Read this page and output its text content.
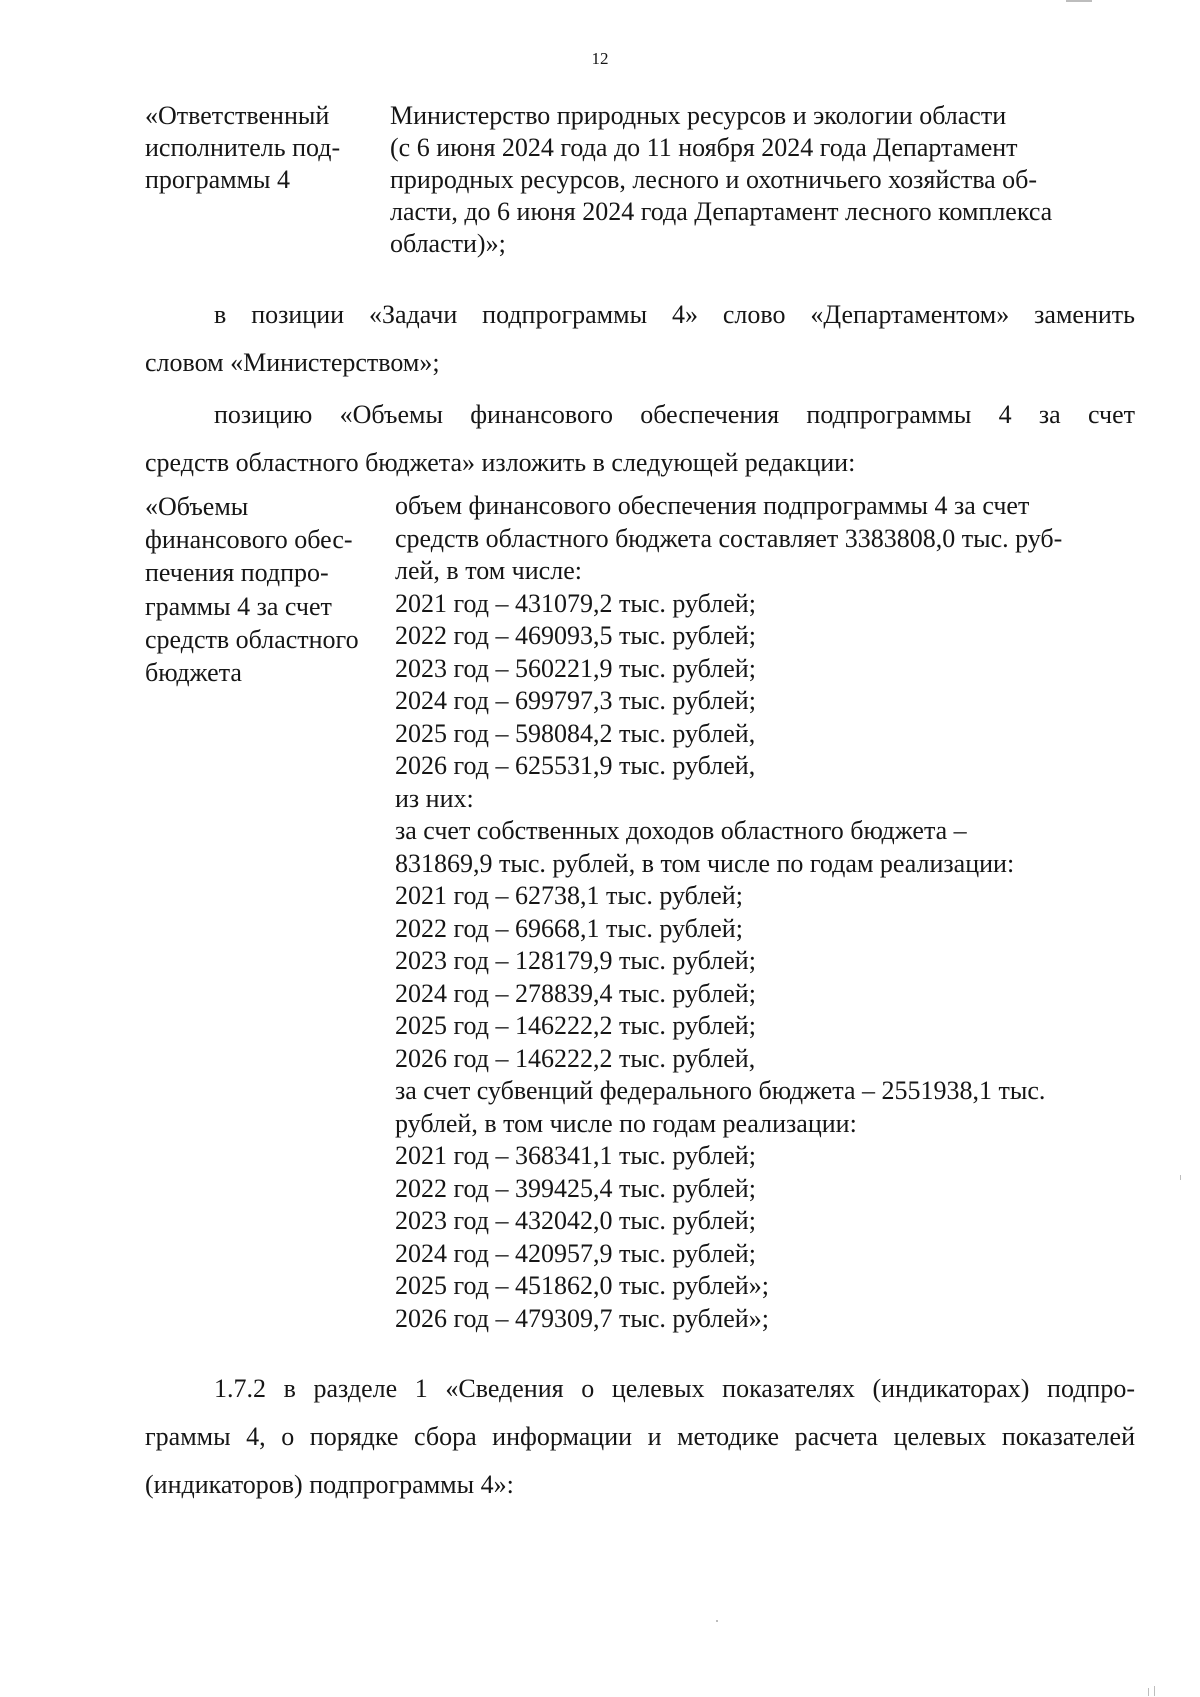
12
«Ответственный
исполнитель под-
программы 4
Министерство природных ресурсов и экологии области
(с 6 июня 2024 года до 11 ноября 2024 года Департамент
природных ресурсов, лесного и охотничьего хозяйства об-
ласти, до 6 июня 2024 года Департамент лесного комплекса
области)»;
в позиции «Задачи подпрограммы 4» слово «Департаментом» заменить
словом «Министерством»;
позицию «Объемы финансового обеспечения подпрограммы 4 за счет
средств областного бюджета» изложить в следующей редакции:
«Объемы
финансового обес-
печения подпро-
граммы 4 за счет
средств областного
бюджета
объем финансового обеспечения подпрограммы 4 за счет
средств областного бюджета составляет 3383808,0 тыс. руб-
лей, в том числе:
2021 год – 431079,2 тыс. рублей;
2022 год – 469093,5 тыс. рублей;
2023 год – 560221,9 тыс. рублей;
2024 год – 699797,3 тыс. рублей;
2025 год – 598084,2 тыс. рублей,
2026 год – 625531,9 тыс. рублей,
из них:
за счет собственных доходов областного бюджета –
831869,9 тыс. рублей, в том числе по годам реализации:
2021 год – 62738,1 тыс. рублей;
2022 год – 69668,1 тыс. рублей;
2023 год – 128179,9 тыс. рублей;
2024 год – 278839,4 тыс. рублей;
2025 год – 146222,2 тыс. рублей;
2026 год – 146222,2 тыс. рублей,
за счет субвенций федерального бюджета – 2551938,1 тыс.
рублей, в том числе по годам реализации:
2021 год – 368341,1 тыс. рублей;
2022 год – 399425,4 тыс. рублей;
2023 год – 432042,0 тыс. рублей;
2024 год – 420957,9 тыс. рублей;
2025 год – 451862,0 тыс. рублей»;
2026 год – 479309,7 тыс. рублей»;
1.7.2 в разделе 1 «Сведения о целевых показателях (индикаторах) подпро-
граммы 4, о порядке сбора информации и методике расчета целевых показателей
(индикаторов) подпрограммы 4»:
